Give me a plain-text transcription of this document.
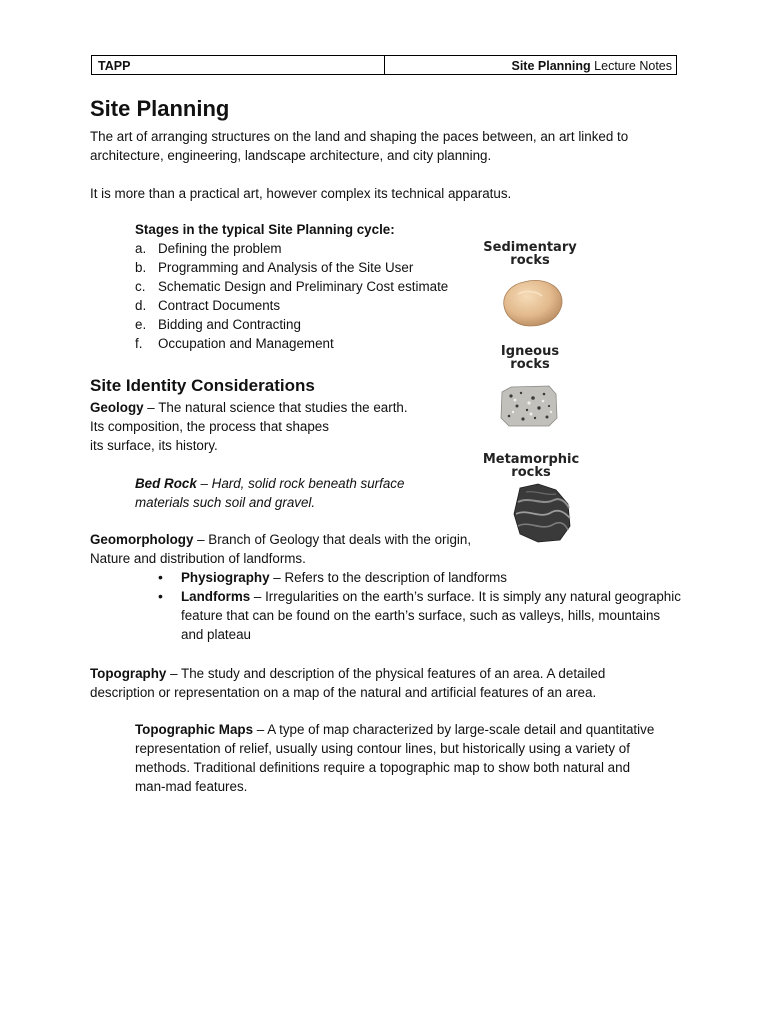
TAPP	Site Planning Lecture Notes
Site Planning

The art of arranging structures on the land and shaping the paces between, an art linked to

architecture, engineering, landscape architecture, and city planning.

It is more than a practical art, however complex its technical apparatus.

Stages in the typical Site Planning cycle:

a. Defining the problem
b. Programming and Analysis of the Site User
c. Schematic Design and Preliminary Cost estimate
d. Contract Documents
e. Bidding and Contracting
f.	Occupation and Management
Site Identity Considerations

Geology – The natural science that studies the earth.

Its composition, the process that shapes

its surface, its history.

Bed Rock – Hard, solid rock beneath surface

materials such soil and gravel.

Geomorphology – Branch of Geology that deals with the origin,

Nature and distribution of landforms.

•	Physiography – Refers to the description of landforms
•	Landforms – Irregularities on the earth’s surface. It is simply any natural geographic feature that can be found on the earth’s surface, such as valleys, hills, mountains and plateau

Topography – The study and description of the physical features of an area. A detailed

description or representation on a map of the natural and artificial features of an area.

Topographic Maps – A type of map characterized by large-scale detail and quantitative

representation of relief, usually using contour lines, but historically using a variety of

methods. Traditional definitions require a topographic map to show both natural and

man-mad features.

Sedimentary
rocks
Igneous
rocks
Metamorphic
rocks
